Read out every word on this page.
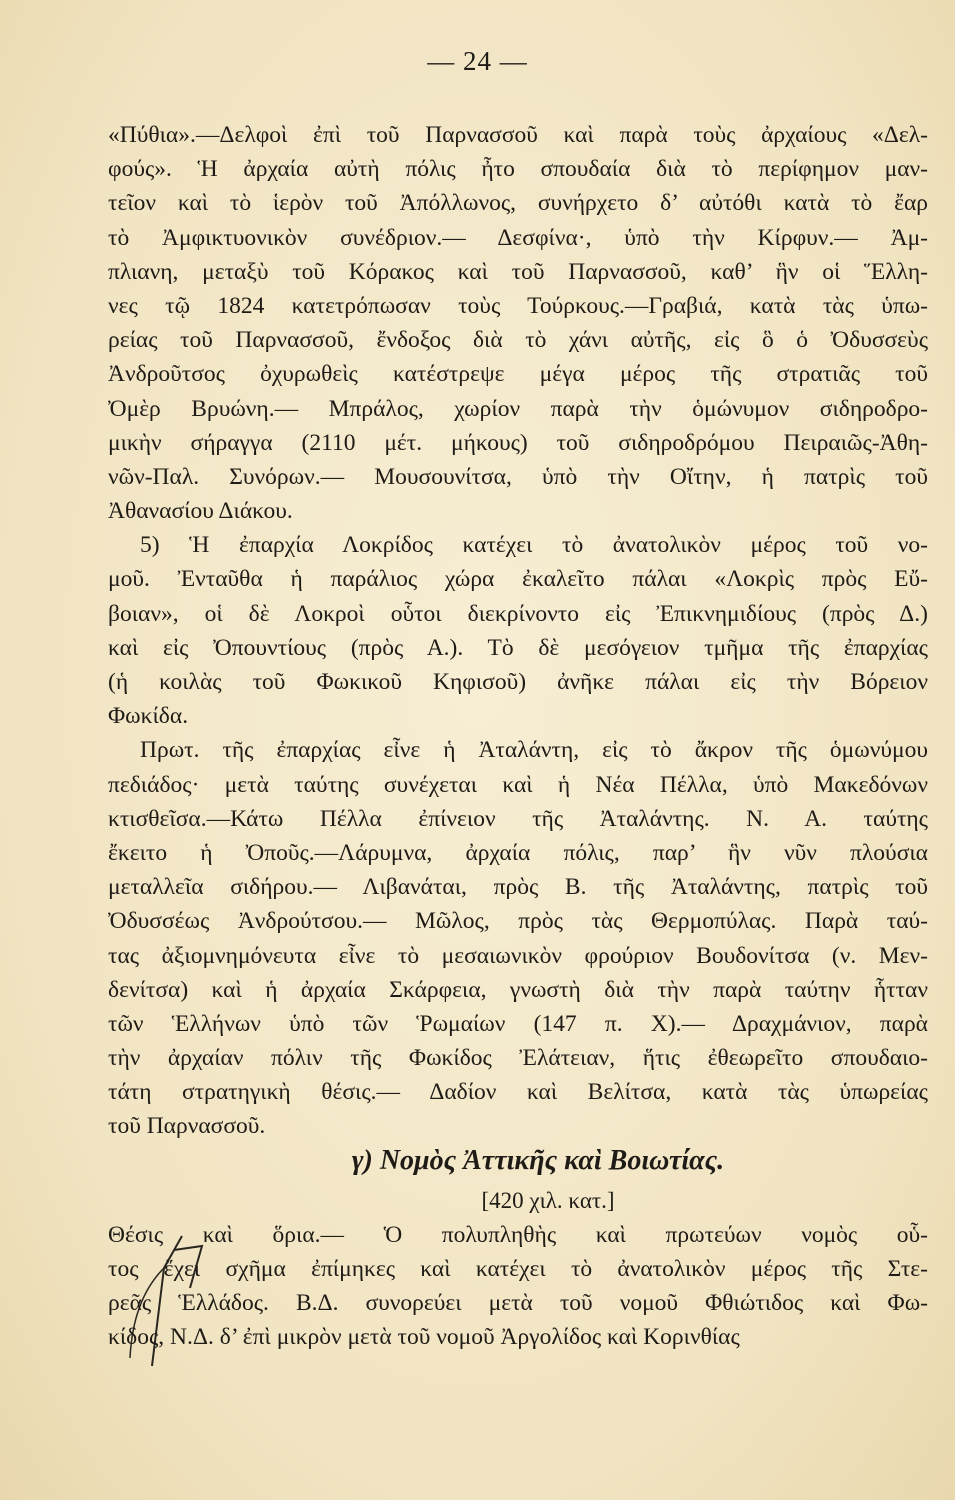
— 24 —
«Πύθια».—Δελφοὶ ἐπὶ τοῦ Παρνασσοῦ καὶ παρὰ τοὺς ἀρχαίους «Δελ-
φούς». Ἡ ἀρχαία αὐτὴ πόλις ἦτο σπουδαία διὰ τὸ περίφημον μαν-
τεῖον καὶ τὸ ἱερὸν τοῦ Ἀπόλλωνος, συνήρχετο δ’ αὐτόθι κατὰ τὸ ἔαρ
τὸ Ἀμφικτυονικὸν συνέδριον.— Δεσφίνα·, ὑπὸ τὴν Κίρφυν.— Ἀμ-
πλιανη, μεταξὺ τοῦ Κόρακος καὶ τοῦ Παρνασσοῦ, καθ’ ἣν οἱ Ἕλλη-
νες τῷ 1824 κατετρόπωσαν τοὺς Τούρκους.—Γραβιά, κατὰ τὰς ὑπω-
ρείας τοῦ Παρνασσοῦ, ἔνδοξος διὰ τὸ χάνι αὐτῆς, εἰς ὃ ὁ Ὀδυσσεὺς
Ἀνδροῦτσος ὀχυρωθεὶς κατέστρεψε μέγα μέρος τῆς στρατιᾶς τοῦ
Ὀμὲρ Βρυώνη.— Μπράλος, χωρίον παρὰ τὴν ὁμώνυμον σιδηροδρο-
μικὴν σήραγγα (2110 μέτ. μήκους) τοῦ σιδηροδρόμου Πειραιῶς-Ἀθη-
νῶν-Παλ. Συνόρων.— Μουσουνίτσα, ὑπὸ τὴν Οἴτην, ἡ πατρὶς τοῦ
Ἀθανασίου Διάκου.
5) Ἡ ἐπαρχία Λοκρίδος κατέχει τὸ ἀνατολικὸν μέρος τοῦ νο-
μοῦ. Ἐνταῦθα ἡ παράλιος χώρα ἐκαλεῖτο πάλαι «Λοκρὶς πρὸς Εὔ-
βοιαν», οἱ δὲ Λοκροὶ οὗτοι διεκρίνοντο εἰς Ἐπικνημιδίους (πρὸς Δ.)
καὶ εἰς Ὀπουντίους (πρὸς Α.). Τὸ δὲ μεσόγειον τμῆμα τῆς ἐπαρχίας
(ἡ κοιλὰς τοῦ Φωκικοῦ Κηφισοῦ) ἀνῆκε πάλαι εἰς τὴν Βόρειον
Φωκίδα.
Πρωτ. τῆς ἐπαρχίας εἶνε ἡ Ἀταλάντη, εἰς τὸ ἄκρον τῆς ὁμωνύμου
πεδιάδος· μετὰ ταύτης συνέχεται καὶ ἡ Νέα Πέλλα, ὑπὸ Μακεδόνων
κτισθεῖσα.—Κάτω Πέλλα ἐπίνειον τῆς Ἀταλάντης. Ν. Α. ταύτης
ἔκειτο ἡ Ὀποῦς.—Λάρυμνα, ἀρχαία πόλις, παρ’ ἣν νῦν πλούσια
μεταλλεῖα σιδήρου.— Λιβανάται, πρὸς Β. τῆς Ἀταλάντης, πατρὶς τοῦ
Ὀδυσσέως Ἀνδρούτσου.— Μῶλος, πρὸς τὰς Θερμοπύλας. Παρὰ ταύ-
τας ἀξιομνημόνευτα εἶνε τὸ μεσαιωνικὸν φρούριον Βουδονίτσα (ν. Μεν-
δενίτσα) καὶ ἡ ἀρχαία Σκάρφεια, γνωστὴ διὰ τὴν παρὰ ταύτην ἧτταν
τῶν Ἑλλήνων ὑπὸ τῶν Ῥωμαίων (147 π. Χ).— Δραχμάνιον, παρὰ
τὴν ἀρχαίαν πόλιν τῆς Φωκίδος Ἐλάτειαν, ἥτις ἐθεωρεῖτο σπουδαιο-
τάτη στρατηγικὴ θέσις.— Δαδίον καὶ Βελίτσα, κατὰ τὰς ὑπωρείας
τοῦ Παρνασσοῦ.
γ) Νομὸς Ἀττικῆς καὶ Βοιωτίας.
[420 χιλ. κατ.]
Θέσις καὶ ὅρια.— Ὁ πολυπληθὴς καὶ πρωτεύων νομὸς οὗ-
τος ἔχει σχῆμα ἐπίμηκες καὶ κατέχει τὸ ἀνατολικὸν μέρος τῆς Στε-
ρεᾶς Ἑλλάδος. Β.Δ. συνορεύει μετὰ τοῦ νομοῦ Φθιώτιδος καὶ Φω-
κίδος, Ν.Δ. δ’ ἐπὶ μικρὸν μετὰ τοῦ νομοῦ Ἀργολίδος καὶ Κορινθίας
